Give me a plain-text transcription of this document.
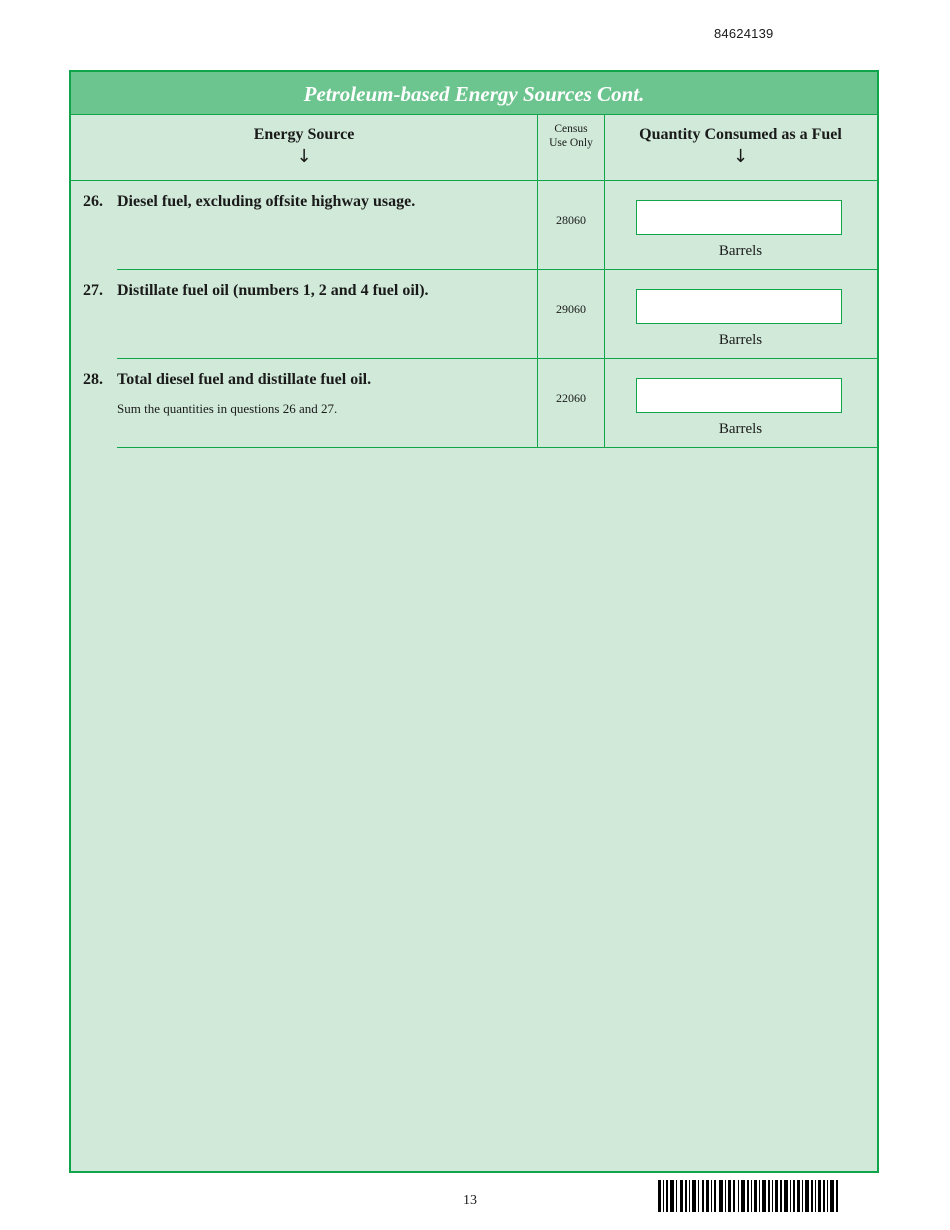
84624139
Petroleum-based Energy Sources Cont.
Energy Source
↓
Census
Use Only	Quantity Consumed as a Fuel
↓
26. Diesel fuel, excluding offsite highway usage.
28060
Barrels
27. Distillate fuel oil (numbers 1, 2 and 4 fuel oil).
29060
Barrels
28. Total diesel fuel and distillate fuel oil.
Sum the quantities in questions 26 and 27.
22060
Barrels
13
